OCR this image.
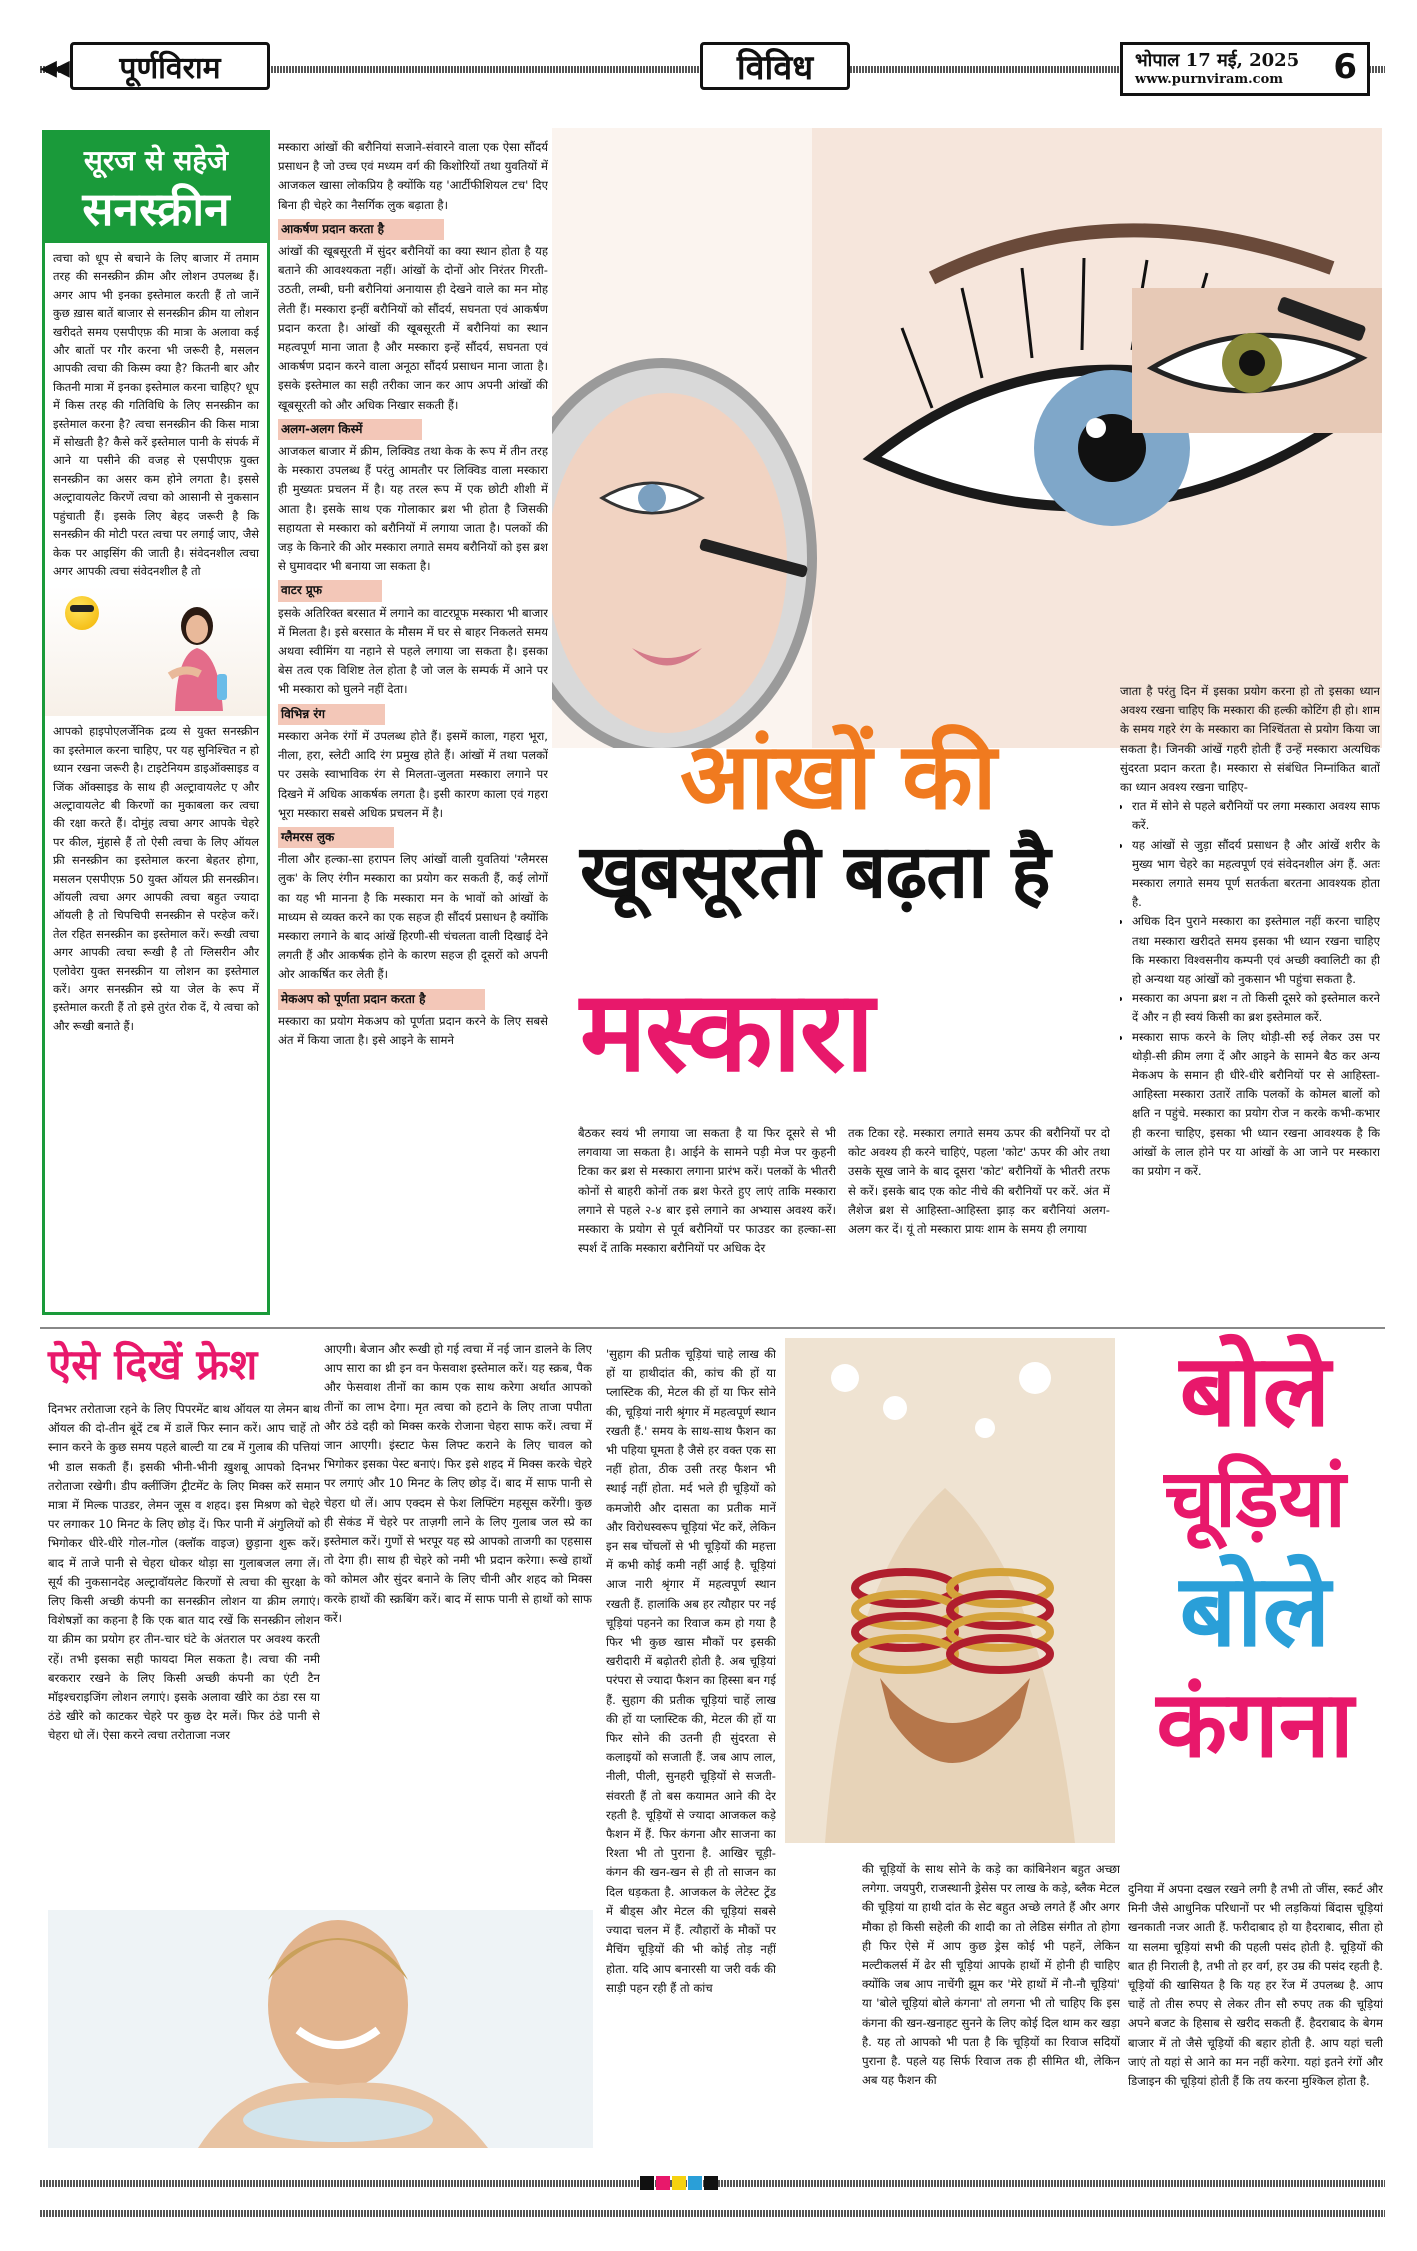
◀◀	पूर्णविराम	विविध	भोपाल 17 मई, 2025
www.purnviram.com 6
सूरज से सहेजे
सनस्क्रीन
त्वचा को धूप से बचाने के लिए बाजार में तमाम तरह की सनस्क्रीन क्रीम और लोशन उपलब्ध हैं। अगर आप भी इनका इस्तेमाल करती हैं तो जानें कुछ ख़ास बातें बाजार से सनस्क्रीन क्रीम या लोशन खरीदते समय एसपीएफ़ की मात्रा के अलावा कई और बातों पर गौर करना भी जरूरी है, मसलन आपकी त्वचा की किस्म क्या है? कितनी बार और कितनी मात्रा में इनका इस्तेमाल करना चाहिए? धूप में किस तरह की गतिविधि के लिए सनस्क्रीन का इस्तेमाल करना है? त्वचा सनस्क्रीन की किस मात्रा में सोखती है? कैसे करें इस्तेमाल पानी के संपर्क में आने या पसीने की वजह से एसपीएफ़ युक्त सनस्क्रीन का असर कम होने लगता है। इससे अल्ट्रावायलेट किरणें त्वचा को आसानी से नुकसान पहुंचाती हैं। इसके लिए बेहद जरूरी है कि सनस्क्रीन की मोटी परत त्वचा पर लगाई जाए, जैसे केक पर आइसिंग की जाती है। संवेदनशील त्वचा अगर आपकी त्वचा संवेदनशील है तो
आपको हाइपोएलर्जेनिक द्रव्य से युक्त सनस्क्रीन का इस्तेमाल करना चाहिए, पर यह सुनिश्चित न हो ध्यान रखना जरूरी है। टाइटेनियम डाइऑक्साइड व जिंक ऑक्साइड के साथ ही अल्ट्रावायलेट ए और अल्ट्रावायलेट बी किरणों का मुकाबला कर त्वचा की रक्षा करते हैं। दोमुंह त्वचा अगर आपके चेहरे पर कील, मुंहासे हैं तो ऐसी त्वचा के लिए ऑयल फ्री सनस्क्रीन का इस्तेमाल करना बेहतर होगा, मसलन एसपीएफ़ 50 युक्त ऑयल फ्री सनस्क्रीन। ऑयली त्वचा अगर आपकी त्वचा बहुत ज्यादा ऑयली है तो चिपचिपी सनस्क्रीन से परहेज करें। तेल रहित सनस्क्रीन का इस्तेमाल करें। रूखी त्वचा अगर आपकी त्वचा रूखी है तो ग्लिसरीन और एलोवेरा युक्त सनस्क्रीन या लोशन का इस्तेमाल करें। अगर सनस्क्रीन स्प्रे या जेल के रूप में इस्तेमाल करती हैं तो इसे तुरंत रोक दें, ये त्वचा को और रूखी बनाते हैं।

मस्कारा आंखों की बरौनियां सजाने-संवारने वाला एक ऐसा सौंदर्य प्रसाधन है जो उच्च एवं मध्यम वर्ग की किशोरियों तथा युवतियों में आजकल खासा लोकप्रिय है क्योंकि यह 'आर्टीफीशियल टच' दिए बिना ही चेहरे का नैसर्गिक लुक बढ़ाता है।

आकर्षण प्रदान करता है

आंखों की खूबसूरती में सुंदर बरौनियों का क्या स्थान होता है यह बताने की आवश्यकता नहीं। आंखों के दोनों ओर निरंतर गिरती-उठती, लम्बी, घनी बरौनियां अनायास ही देखने वाले का मन मोह लेती हैं। मस्कारा इन्हीं बरौनियों को सौंदर्य, सघनता एवं आकर्षण प्रदान करता है। आंखों की खूबसूरती में बरौनियां का स्थान महत्वपूर्ण माना जाता है और मस्कारा इन्हें सौंदर्य, सघनता एवं आकर्षण प्रदान करने वाला अनूठा सौंदर्य प्रसाधन माना जाता है। इसके इस्तेमाल का सही तरीका जान कर आप अपनी आंखों की खूबसूरती को और अधिक निखार सकती हैं।

अलग-अलग किस्में

आजकल बाजार में क्रीम, लिक्विड तथा केक के रूप में तीन तरह के मस्कारा उपलब्ध हैं परंतु आमतौर पर लिक्विड वाला मस्कारा ही मुख्यतः प्रचलन में है। यह तरल रूप में एक छोटी शीशी में आता है। इसके साथ एक गोलाकार ब्रश भी होता है जिसकी सहायता से मस्कारा को बरौनियों में लगाया जाता है। पलकों की जड़ के किनारे की ओर मस्कारा लगाते समय बरौनियों को इस ब्रश से घुमावदार भी बनाया जा सकता है।

वाटर प्रूफ

इसके अतिरिक्त बरसात में लगाने का वाटरप्रूफ मस्कारा भी बाजार में मिलता है। इसे बरसात के मौसम में घर से बाहर निकलते समय अथवा स्वीमिंग या नहाने से पहले लगाया जा सकता है। इसका बेस तत्व एक विशिष्ट तेल होता है जो जल के सम्पर्क में आने पर भी मस्कारा को घुलने नहीं देता।

विभिन्न रंग

मस्कारा अनेक रंगों में उपलब्ध होते हैं। इसमें काला, गहरा भूरा, नीला, हरा, स्लेटी आदि रंग प्रमुख होते हैं। आंखों में तथा पलकों पर उसके स्वाभाविक रंग से मिलता-जुलता मस्कारा लगाने पर दिखने में अधिक आकर्षक लगता है। इसी कारण काला एवं गहरा भूरा मस्कारा सबसे अधिक प्रचलन में है।

ग्लैमरस लुक

नीला और हल्का-सा हरापन लिए आंखों वाली युवतियां 'ग्लैमरस लुक' के लिए रंगीन मस्कारा का प्रयोग कर सकती हैं, कई लोगों का यह भी मानना है कि मस्कारा मन के भावों को आंखों के माध्यम से व्यक्त करने का एक सहज ही सौंदर्य प्रसाधन है क्योंकि मस्कारा लगाने के बाद आंखें हिरणी-सी चंचलता वाली दिखाई देने लगती हैं और आकर्षक होने के कारण सहज ही दूसरों को अपनी ओर आकर्षित कर लेती हैं।

मेकअप को पूर्णता प्रदान करता है

मस्कारा का प्रयोग मेकअप को पूर्णता प्रदान करने के लिए सबसे अंत में किया जाता है। इसे आइने के सामने

आंखों की
खूबसूरती बढ़ता है
मस्कारा

जाता है परंतु दिन में इसका प्रयोग करना हो तो इसका ध्यान अवश्य रखना चाहिए कि मस्कारा की हल्की कोटिंग ही हो। शाम के समय गहरे रंग के मस्कारा का निश्चिंतता से प्रयोग किया जा सकता है। जिनकी आंखें गहरी होती हैं उन्हें मस्कारा अत्यधिक सुंदरता प्रदान करता है। मस्कारा से संबंधित निम्नांकित बातों का ध्यान अवश्य रखना चाहिए-

• रात में सोने से पहले बरौनियों पर लगा मस्कारा अवश्य साफ करें.
• यह आंखों से जुड़ा सौंदर्य प्रसाधन है और आंखें शरीर के मुख्य भाग चेहरे का महत्वपूर्ण एवं संवेदनशील अंग हैं. अतः मस्कारा लगाते समय पूर्ण सतर्कता बरतना आवश्यक होता है.
• अधिक दिन पुराने मस्कारा का इस्तेमाल नहीं करना चाहिए तथा मस्कारा खरीदते समय इसका भी ध्यान रखना चाहिए कि मस्कारा विश्वसनीय कम्पनी एवं अच्छी क्वालिटी का ही हो अन्यथा यह आंखों को नुकसान भी पहुंचा सकता है.
• मस्कारा का अपना ब्रश न तो किसी दूसरे को इस्तेमाल करने दें और न ही स्वयं किसी का ब्रश इस्तेमाल करें.
• मस्कारा साफ करने के लिए थोड़ी-सी रुई लेकर उस पर थोड़ी-सी क्रीम लगा दें और आइने के सामने बैठ कर अन्य मेकअप के समान ही धीरे-धीरे बरौनियों पर से आहिस्ता-आहिस्ता मस्कारा उतारें ताकि पलकों के कोमल बालों को क्षति न पहुंचे. मस्कारा का प्रयोग रोज न करके कभी-कभार ही करना चाहिए, इसका भी ध्यान रखना आवश्यक है कि आंखों के लाल होने पर या आंखों के आ जाने पर मस्कारा का प्रयोग न करें.
बैठकर स्वयं भी लगाया जा सकता है या फिर दूसरे से भी लगवाया जा सकता है। आईने के सामने पड़ी मेज पर कुहनी टिका कर ब्रश से मस्कारा लगाना प्रारंभ करें। पलकों के भीतरी कोनों से बाहरी कोनों तक ब्रश फेरते हुए लाएं ताकि मस्कारा लगाने से पहले २-४ बार इसे लगाने का अभ्यास अवश्य करें। मस्कारा के प्रयोग से पूर्व बरौनियों पर फाउडर का हल्का-सा स्पर्श दें ताकि मस्कारा बरौनियों पर अधिक देर
तक टिका रहे. मस्कारा लगाते समय ऊपर की बरौनियों पर दो कोट अवश्य ही करने चाहिएं, पहला 'कोट' ऊपर की ओर तथा उसके सूख जाने के बाद दूसरा 'कोट' बरौनियों के भीतरी तरफ से करें। इसके बाद एक कोट नीचे की बरौनियों पर करें. अंत में लैशेज ब्रश से आहिस्ता-आहिस्ता झाड़ कर बरौनियां अलग-अलग कर दें। यूं तो मस्कारा प्रायः शाम के समय ही लगाया
ऐसे दिखें फ्रेश
दिनभर तरोताजा रहने के लिए पिपरमेंट बाथ ऑयल या लेमन बाथ ऑयल की दो-तीन बूंदें टब में डालें फिर स्नान करें। आप चाहें तो स्नान करने के कुछ समय पहले बाल्टी या टब में गुलाब की पत्तियां भी डाल सकती हैं। इसकी भीनी-भीनी ख़ुशबू आपको दिनभर तरोताजा रखेगी। डीप क्लींजिंग ट्रीटमेंट के लिए मिक्स करें समान मात्रा में मिल्क पाउडर, लेमन जूस व शहद। इस मिश्रण को चेहरे पर लगाकर 10 मिनट के लिए छोड़ दें। फिर पानी में अंगुलियों को भिगोकर धीरे-धीरे गोल-गोल (क्लॉक वाइज) छुड़ाना शुरू करें। बाद में ताजे पानी से चेहरा धोकर थोड़ा सा गुलाबजल लगा लें। सूर्य की नुकसानदेह अल्ट्रावॉयलेट किरणों से त्वचा की सुरक्षा के लिए किसी अच्छी कंपनी का सनस्क्रीन लोशन या क्रीम लगाएं। विशेषज्ञों का कहना है कि एक बात याद रखें कि सनस्क्रीन लोशन या क्रीम का प्रयोग हर तीन-चार घंटे के अंतराल पर अवश्य करती रहें। तभी इसका सही फायदा मिल सकता है। त्वचा की नमी बरकरार रखने के लिए किसी अच्छी कंपनी का एंटी टैन मॉइश्चराइजिंग लोशन लगाएं। इसके अलावा खीरे का ठंडा रस या ठंडे खीरे को काटकर चेहरे पर कुछ देर मलें। फिर ठंडे पानी से चेहरा धो लें। ऐसा करने त्वचा तरोताजा नजर
आएगी। बेजान और रूखी हो गई त्वचा में नई जान डालने के लिए आप सारा का थ्री इन वन फेसवाश इस्तेमाल करें। यह स्क्रब, पैक और फेसवाश तीनों का काम एक साथ करेगा अर्थात आपको तीनों का लाभ देगा। मृत त्वचा को हटाने के लिए ताजा पपीता और ठंडे दही को मिक्स करके रोजाना चेहरा साफ करें। त्वचा में जान आएगी। इंस्टाट फेस लिफ्ट कराने के लिए चावल को भिगोकर इसका पेस्ट बनाएं। फिर इसे शहद में मिक्स करके चेहरे पर लगाएं और 10 मिनट के लिए छोड़ दें। बाद में साफ पानी से चेहरा धो लें। आप एक्दम से फेश लिफ्टिंग महसूस करेंगी। कुछ ही सेकंड में चेहरे पर ताज़गी लाने के लिए गुलाब जल स्प्रे का इस्तेमाल करें। गुणों से भरपूर यह स्प्रे आपको ताजगी का एहसास तो देगा ही। साथ ही चेहरे को नमी भी प्रदान करेगा। रूखे हाथों को कोमल और सुंदर बनाने के लिए चीनी और शहद को मिक्स करके हाथों की स्क्रबिंग करें। बाद में साफ पानी से हाथों को साफ करें।
'सुहाग की प्रतीक चूड़ियां चाहे लाख की हों या हाथीदांत की, कांच की हों या प्लास्टिक की, मेटल की हों या फिर सोने की, चूड़ियां नारी श्रृंगार में महत्वपूर्ण स्थान रखती हैं.' समय के साथ-साथ फैशन का भी पहिया घूमता है जैसे हर वक्त एक सा नहीं होता, ठीक उसी तरह फैशन भी स्थाई नहीं होता. मर्द भले ही चूड़ियों को कमजोरी और दासता का प्रतीक मानें और विरोधस्वरूप चूड़ियां भेंट करें, लेकिन इन सब चोंचलों से भी चूड़ियों की महत्ता में कभी कोई कमी नहीं आई है. चूड़ियां आज नारी श्रृंगार में महत्वपूर्ण स्थान रखती हैं. हालांकि अब हर त्यौहार पर नई चूड़ियां पहनने का रिवाज कम हो गया है फिर भी कुछ खास मौकों पर इसकी खरीदारी में बढ़ोतरी होती है. अब चूड़ियां परंपरा से ज्यादा फैशन का हिस्सा बन गई हैं. सुहाग की प्रतीक चूड़ियां चाहें लाख की हों या प्लास्टिक की, मेटल की हों या फिर सोने की उतनी ही सुंदरता से कलाइयों को सजाती हैं. जब आप लाल, नीली, पीली, सुनहरी चूड़ियों से सजती-संवरती हैं तो बस कयामत आने की देर रहती है. चूड़ियों से ज्यादा आजकल कड़े फैशन में हैं. फिर कंगना और साजना का रिश्ता भी तो पुराना है. आखिर चूड़ी-कंगन की खन-खन से ही तो साजन का दिल धड़कता है. आजकल के लेटेस्ट ट्रेंड में बीड्स और मेटल की चूड़ियां सबसे ज्यादा चलन में हैं. त्यौहारों के मौकों पर मैचिंग चूड़ियों की भी कोई तोड़ नहीं होता. यदि आप बनारसी या जरी वर्क की साड़ी पहन रही हैं तो कांच
की चूड़ियों के साथ सोने के कड़े का कांबिनेशन बहुत अच्छा लगेगा. जयपुरी, राजस्थानी ड्रेसेस पर लाख के कड़े, ब्लैक मेटल की चूड़ियां या हाथी दांत के सेट बहुत अच्छे लगते हैं और अगर मौका हो किसी सहेली की शादी का तो लेडिस संगीत तो होगा ही फिर ऐसे में आप कुछ ड्रेस कोई भी पहनें, लेकिन मल्टीकलर्स में ढेर सी चूड़ियां आपके हाथों में होनी ही चाहिए क्योंकि जब आप नाचेंगी झूम कर 'मेरे हाथों में नौ-नौ चूड़ियां' या 'बोले चूड़ियां बोले कंगना' तो लगना भी तो चाहिए कि इस कंगना की खन-खनाहट सुनने के लिए कोई दिल थाम कर खड़ा है. यह तो आपको भी पता है कि चूड़ियों का रिवाज सदियों पुराना है. पहले यह सिर्फ रिवाज तक ही सीमित थी, लेकिन अब यह फैशन की
दुनिया में अपना दखल रखने लगी है तभी तो जींस, स्कर्ट और मिनी जैसे आधुनिक परिधानों पर भी लड़कियां बिंदास चूड़ियां खनकाती नजर आती हैं. फरीदाबाद हो या हैदराबाद, सीता हो या सलमा चूड़ियां सभी की पहली पसंद होती है. चूड़ियों की बात ही निराली है, तभी तो हर वर्ग, हर उम्र की पसंद रहती है. चूड़ियों की खासियत है कि यह हर रेंज में उपलब्ध है. आप चाहें तो तीस रुपए से लेकर तीन सौ रुपए तक की चूड़ियां अपने बजट के हिसाब से खरीद सकती हैं. हैदराबाद के बेगम बाजार में तो जैसे चूड़ियों की बहार होती है. आप यहां चली जाएं तो यहां से आने का मन नहीं करेगा. यहां इतने रंगों और डिजाइन की चूड़ियां होती हैं कि तय करना मुश्किल होता है.
बोले
चूड़ियां
बोले
कंगना
